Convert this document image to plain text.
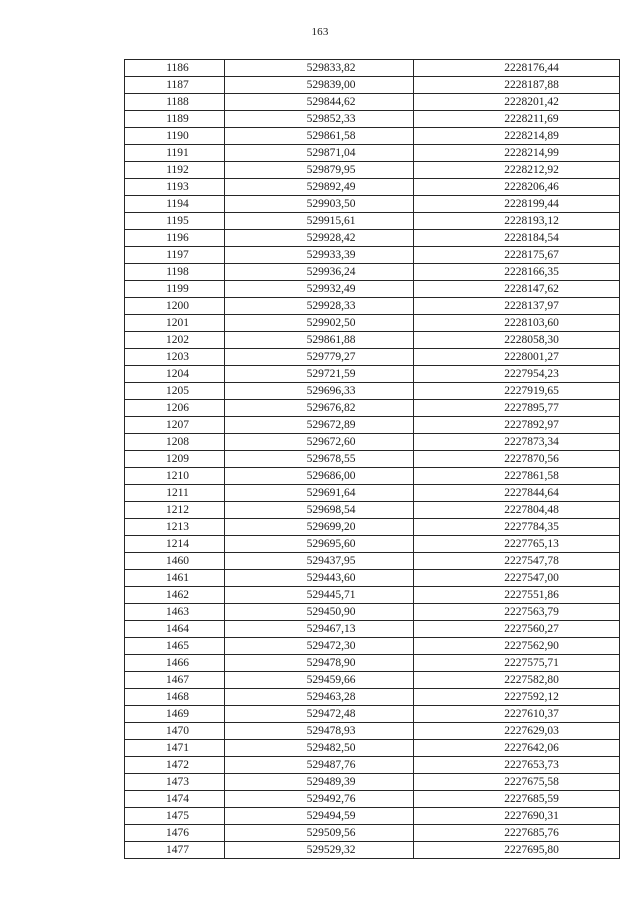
163
1186	529833,82	2228176,44
1187	529839,00	2228187,88
1188	529844,62	2228201,42
1189	529852,33	2228211,69
1190	529861,58	2228214,89
1191	529871,04	2228214,99
1192	529879,95	2228212,92
1193	529892,49	2228206,46
1194	529903,50	2228199,44
1195	529915,61	2228193,12
1196	529928,42	2228184,54
1197	529933,39	2228175,67
1198	529936,24	2228166,35
1199	529932,49	2228147,62
1200	529928,33	2228137,97
1201	529902,50	2228103,60
1202	529861,88	2228058,30
1203	529779,27	2228001,27
1204	529721,59	2227954,23
1205	529696,33	2227919,65
1206	529676,82	2227895,77
1207	529672,89	2227892,97
1208	529672,60	2227873,34
1209	529678,55	2227870,56
1210	529686,00	2227861,58
1211	529691,64	2227844,64
1212	529698,54	2227804,48
1213	529699,20	2227784,35
1214	529695,60	2227765,13
1460	529437,95	2227547,78
1461	529443,60	2227547,00
1462	529445,71	2227551,86
1463	529450,90	2227563,79
1464	529467,13	2227560,27
1465	529472,30	2227562,90
1466	529478,90	2227575,71
1467	529459,66	2227582,80
1468	529463,28	2227592,12
1469	529472,48	2227610,37
1470	529478,93	2227629,03
1471	529482,50	2227642,06
1472	529487,76	2227653,73
1473	529489,39	2227675,58
1474	529492,76	2227685,59
1475	529494,59	2227690,31
1476	529509,56	2227685,76
1477	529529,32	2227695,80
